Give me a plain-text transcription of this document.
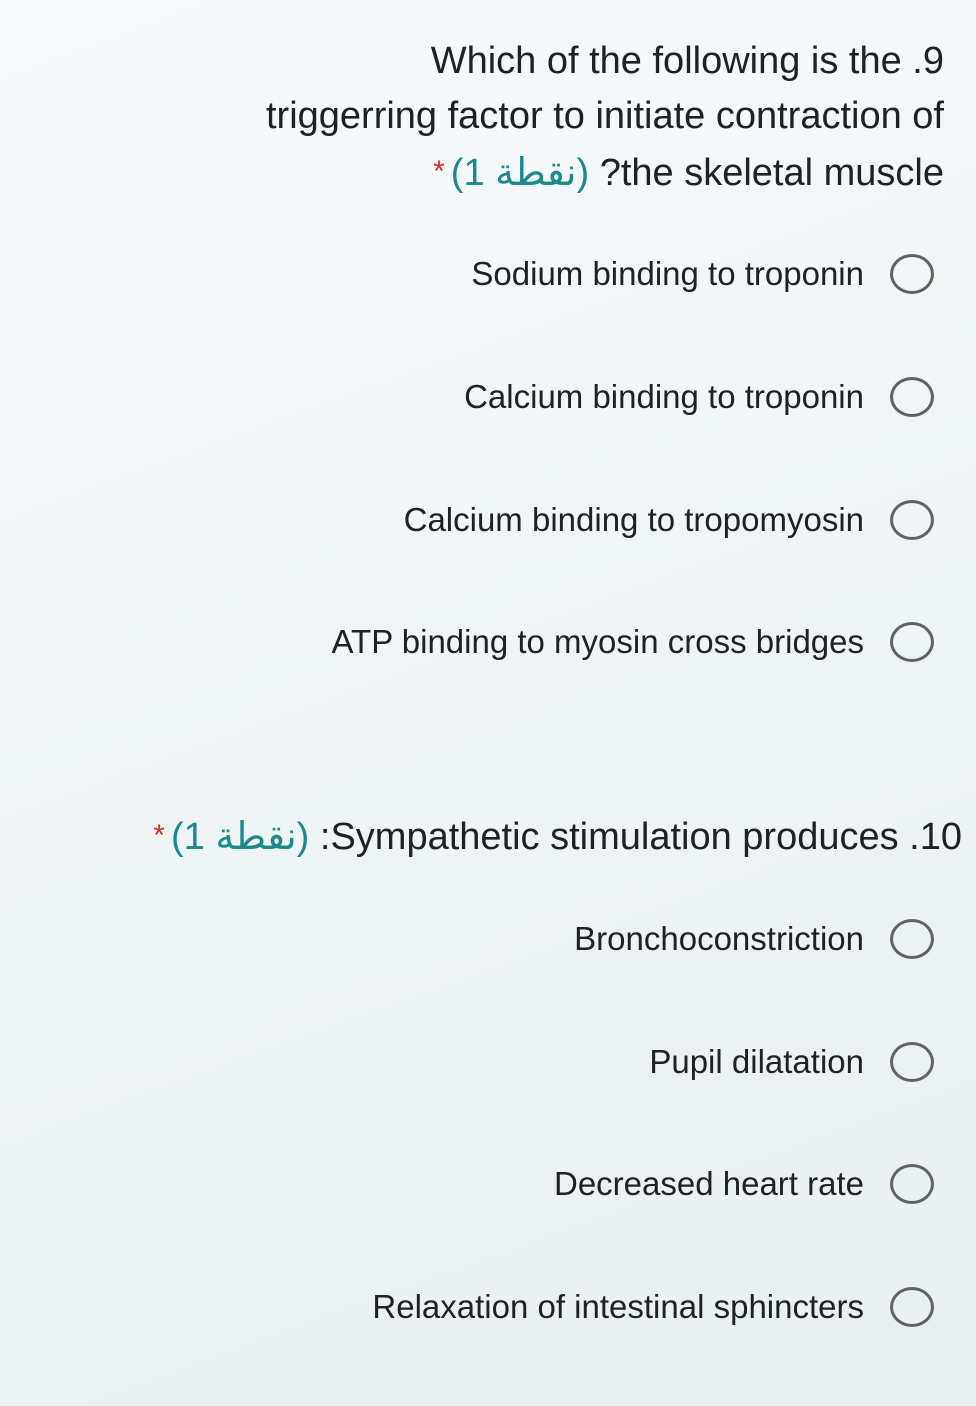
Which of the following is the .9
triggerring factor to initiate contraction of
* (نقطة 1) ?the skeletal muscle
Sodium binding to troponin
Calcium binding to troponin
Calcium binding to tropomyosin
ATP binding to myosin cross bridges
* (نقطة 1) :Sympathetic stimulation produces .10
Bronchoconstriction
Pupil dilatation
Decreased heart rate
Relaxation of intestinal sphincters
